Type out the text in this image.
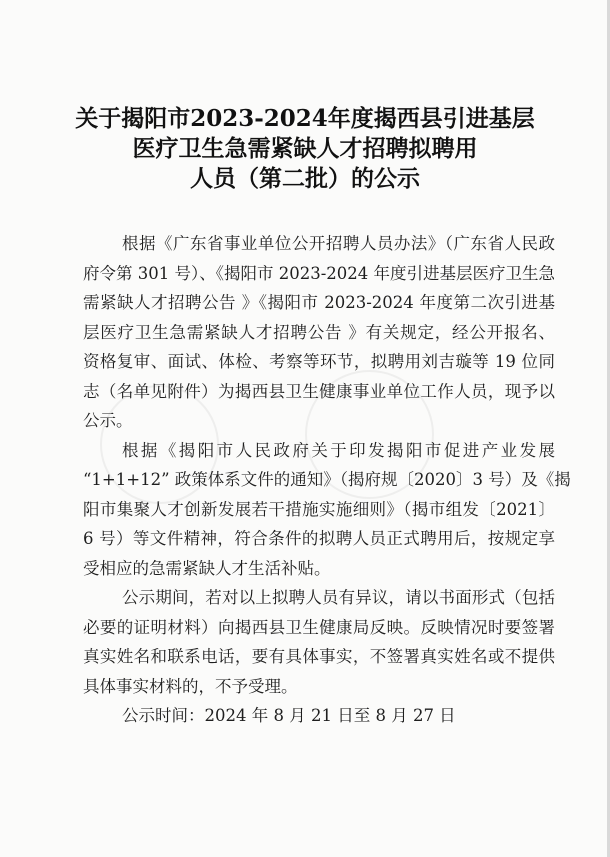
关于揭阳市2023-2024年度揭西县引进基层
医疗卫生急需紧缺人才招聘拟聘用
人员（第二批）的公示
根据《广东省事业单位公开招聘人员办法》（广东省人民政
府令第 301 号）、《揭阳市 2023-2024 年度引进基层医疗卫生急
需紧缺人才招聘公告 》《揭阳市 2023-2024 年度第二次引进基
层医疗卫生急需紧缺人才招聘公告 》有关规定，经公开报名、
资格复审、面试、体检、考察等环节，拟聘用刘吉璇等 19 位同
志（名单见附件）为揭西县卫生健康事业单位工作人员，现予以
公示。
根据《揭阳市人民政府关于印发揭阳市促进产业发展
“1+1+12” 政策体系文件的通知》（揭府规〔2020〕3 号）及《揭
阳市集聚人才创新发展若干措施实施细则》（揭市组发〔2021〕
6 号）等文件精神，符合条件的拟聘人员正式聘用后，按规定享
受相应的急需紧缺人才生活补贴。
公示期间，若对以上拟聘人员有异议，请以书面形式（包括
必要的证明材料）向揭西县卫生健康局反映。反映情况时要签署
真实姓名和联系电话，要有具体事实，不签署真实姓名或不提供
具体事实材料的，不予受理。
公示时间：2024 年 8 月 21 日至 8 月 27 日
